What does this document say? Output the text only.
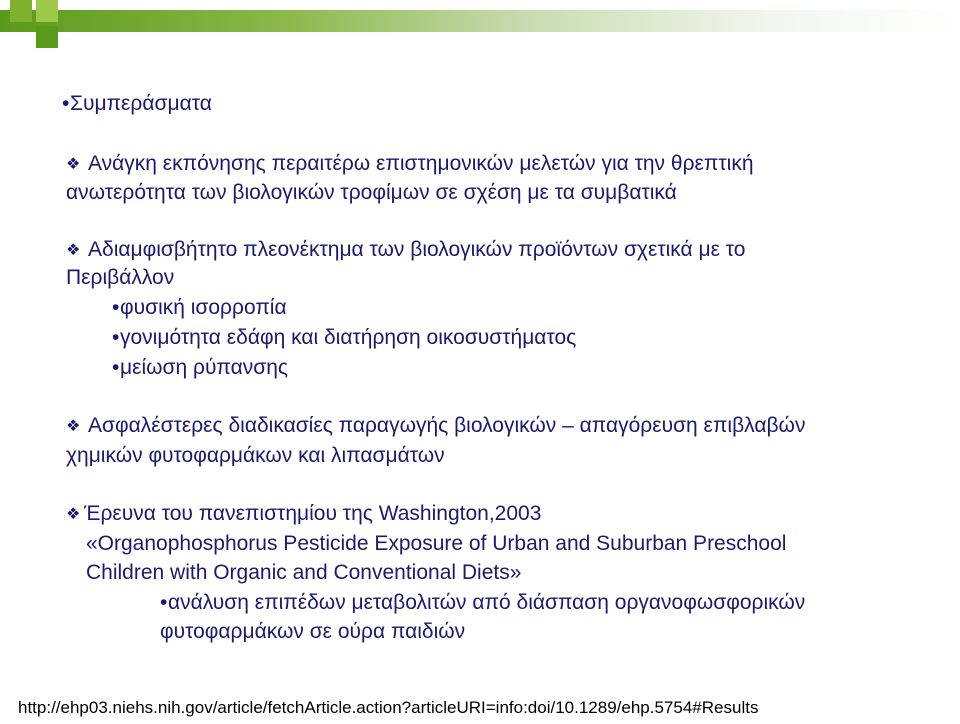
•Συμπεράσματα

❖ Ανάγκη εκπόνησης περαιτέρω επιστημονικών μελετών για την θρεπτική

ανωτερότητα των βιολογικών τροφίμων σε σχέση με τα συμβατικά

❖ Αδιαμφισβήτητο πλεονέκτημα των βιολογικών προϊόντων σχετικά με το

Περιβάλλον

•φυσική ισορροπία

•γονιμότητα εδάφη και διατήρηση οικοσυστήματος

•μείωση ρύπανσης

❖ Ασφαλέστερες διαδικασίες παραγωγής βιολογικών – απαγόρευση επιβλαβών

χημικών φυτοφαρμάκων και λιπασμάτων

❖ Έρευνα του πανεπιστημίου της Washington,2003

«Organophosphorus Pesticide Exposure of Urban and Suburban Preschool

Children with Organic and Conventional Diets»

•ανάλυση επιπέδων μεταβολιτών από διάσπαση οργανοφωσφορικών

φυτοφαρμάκων σε ούρα παιδιών

http://ehp03.niehs.nih.gov/article/fetchArticle.action?articleURI=info:doi/10.1289/ehp.5754#Results
